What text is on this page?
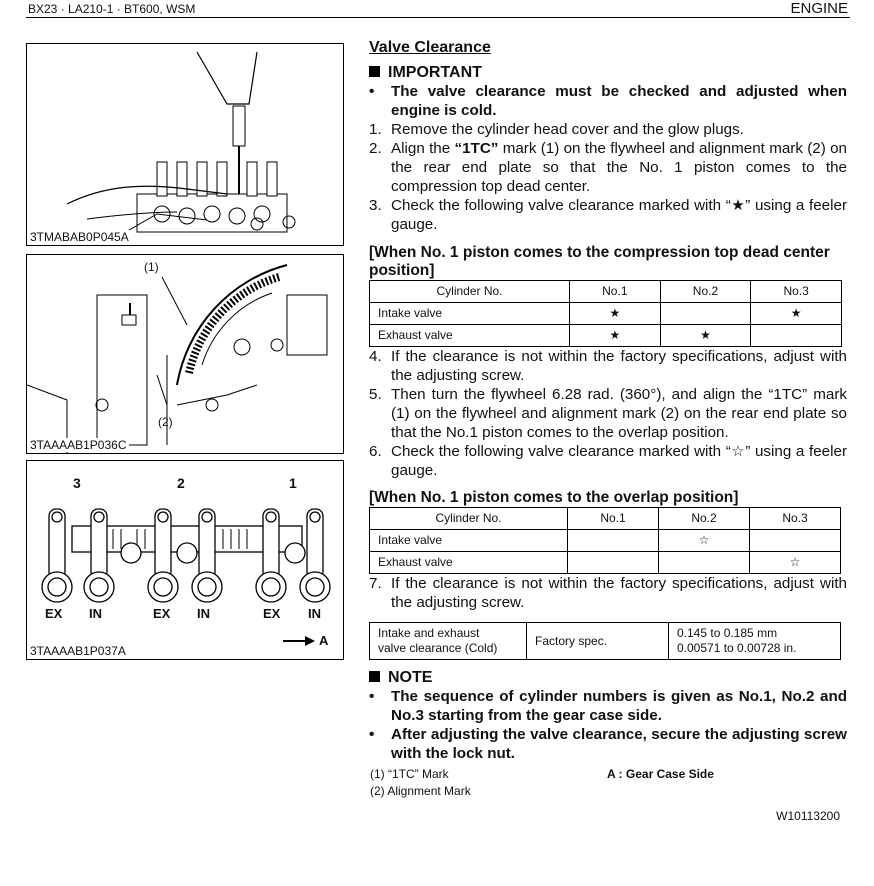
BX23 · LA210-1 · BT600, WSM	ENGINE
3TMABAB0P045A
(1)
(2)
3TAAAAB1P036C
3	2	1
EX IN	EX IN	EX IN
A
3TAAAAB1P037A
Valve Clearance
IMPORTANT
• The valve clearance must be checked and adjusted when engine is cold.
1. Remove the cylinder head cover and the glow plugs.
2. Align the “1TC” mark (1) on the flywheel and alignment mark (2) on the rear end plate so that the No. 1 piston comes to the compression top dead center.
3. Check the following valve clearance marked with “★” using a feeler gauge.
[When No. 1 piston comes to the compression top dead center position]
Cylinder No.	No.1	No.2	No.3
Intake valve	★		★
Exhaust valve	★	★	
4. If the clearance is not within the factory specifications, adjust with the adjusting screw.
5. Then turn the flywheel 6.28 rad. (360°), and align the “1TC” mark (1) on the flywheel and alignment mark (2) on the rear end plate so that the No.1 piston comes to the overlap position.
6. Check the following valve clearance marked with “☆” using a feeler gauge.
[When No. 1 piston comes to the overlap position]
Cylinder No.	No.1	No.2	No.3
Intake valve		☆	
Exhaust valve			☆
7. If the clearance is not within the factory specifications, adjust with the adjusting screw.
Intake and exhaust
valve clearance (Cold)	Factory spec.	0.145 to 0.185 mm
0.00571 to 0.00728 in.
NOTE
• The sequence of cylinder numbers is given as No.1, No.2 and No.3 starting from the gear case side.
• After adjusting the valve clearance, secure the adjusting screw with the lock nut.
(1) “1TC” Mark
(2) Alignment Mark
A : Gear Case Side
W10113200
